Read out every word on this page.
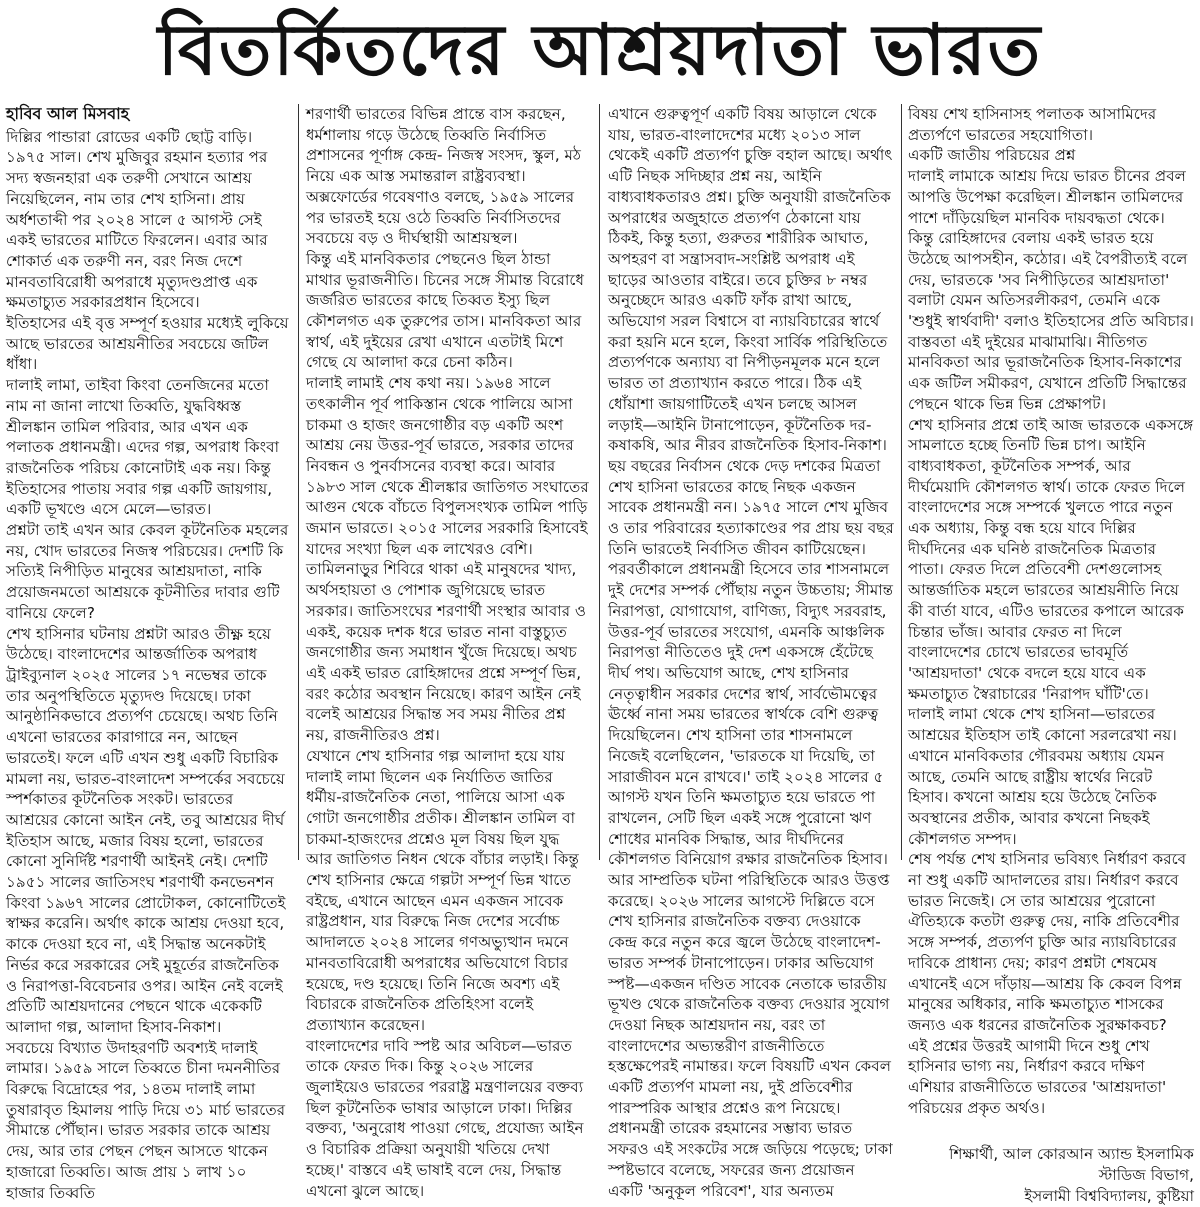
বিতর্কিতদের আশ্রয়দাতা ভারত
হাবিব আল মিসবাহ

দিল্লির পান্ডারা রোডের একটি ছোট্ট বাড়ি। ১৯৭৫ সাল। শেখ মুজিবুর রহমান হত্যার পর সদ্য স্বজনহারা এক তরুণী সেখানে আশ্রয় নিয়েছিলেন, নাম তার শেখ হাসিনা। প্রায় অর্ধশতাব্দী পর ২০২৪ সালে ৫ আগস্ট সেই একই ভারতের মাটিতে ফিরলেন। এবার আর শোকার্ত এক তরুণী নন, বরং নিজ দেশে মানবতাবিরোধী অপরাধে মৃত্যুদণ্ডপ্রাপ্ত এক ক্ষমতাচ্যুত সরকারপ্রধান হিসেবে।

ইতিহাসের এই বৃত্ত সম্পূর্ণ হওয়ার মধ্যেই লুকিয়ে আছে ভারতের আশ্রয়নীতির সবচেয়ে জটিল ধাঁধা।

দালাই লামা, তাইবা কিংবা তেনজিনের মতো নাম না জানা লাখো তিব্বতি, যুদ্ধবিধ্বস্ত শ্রীলঙ্কান তামিল পরিবার, আর এখন এক পলাতক প্রধানমন্ত্রী। এদের গল্প, অপরাধ কিংবা রাজনৈতিক পরিচয় কোনোটাই এক নয়। কিন্তু ইতিহাসের পাতায় সবার গল্প একটি জায়গায়, একটি ভূখণ্ডে এসে মেলে—ভারত।

প্রশ্নটা তাই এখন আর কেবল কূটনৈতিক মহলের নয়, খোদ ভারতের নিজস্ব পরিচয়ের। দেশটি কি সত্যিই নিপীড়িত মানুষের আশ্রয়দাতা, নাকি প্রয়োজনমতো আশ্রয়কে কূটনীতির দাবার গুটি বানিয়ে ফেলে?

শেখ হাসিনার ঘটনায় প্রশ্নটা আরও তীক্ষ্ণ হয়ে উঠেছে। বাংলাদেশের আন্তর্জাতিক অপরাধ ট্রাইব্যুনাল ২০২৫ সালের ১৭ নভেম্বর তাকে তার অনুপস্থিতিতে মৃত্যুদণ্ড দিয়েছে। ঢাকা আনুষ্ঠানিকভাবে প্রত্যর্পণ চেয়েছে। অথচ তিনি এখনো ভারতের কারাগারে নন, আছেন ভারতেই। ফলে এটি এখন শুধু একটি বিচারিক মামলা নয়, ভারত-বাংলাদেশ সম্পর্কের সবচেয়ে স্পর্শকাতর কূটনৈতিক সংকট। ভারতের আশ্রয়ের কোনো আইন নেই, তবু আশ্রয়ের দীর্ঘ ইতিহাস আছে, মজার বিষয় হলো, ভারতের কোনো সুনির্দিষ্ট শরণার্থী আইনই নেই। দেশটি ১৯৫১ সালের জাতিসংঘ শরণার্থী কনভেনশন কিংবা ১৯৬৭ সালের প্রোটোকল, কোনোটিতেই স্বাক্ষর করেনি। অর্থাৎ কাকে আশ্রয় দেওয়া হবে, কাকে দেওয়া হবে না, এই সিদ্ধান্ত অনেকটাই নির্ভর করে সরকারের সেই মুহূর্তের রাজনৈতিক ও নিরাপত্তা-বিবেচনার ওপর। আইন নেই বলেই প্রতিটি আশ্রয়দানের পেছনে থাকে একেকটি আলাদা গল্প, আলাদা হিসাব-নিকাশ।

সবচেয়ে বিখ্যাত উদাহরণটি অবশ্যই দালাই লামার। ১৯৫৯ সালে তিব্বতে চীনা দমননীতির বিরুদ্ধে বিদ্রোহের পর, ১৪তম দালাই লামা তুষারাবৃত হিমালয় পাড়ি দিয়ে ৩১ মার্চ ভারতের সীমান্তে পৌঁছান। ভারত সরকার তাকে আশ্রয় দেয়, আর তার পেছন পেছন আসতে থাকেন হাজারো তিব্বতি। আজ প্রায় ১ লাখ ১০ হাজার তিব্বতি

শরণার্থী ভারতের বিভিন্ন প্রান্তে বাস করছেন, ধর্মশালায় গড়ে উঠেছে তিব্বতি নির্বাসিত প্রশাসনের পূর্ণাঙ্গ কেন্দ্র- নিজস্ব সংসদ, স্কুল, মঠ নিয়ে এক আস্ত সমান্তরাল রাষ্ট্রব্যবস্থা। অক্সফোর্ডের গবেষণাও বলছে, ১৯৫৯ সালের পর ভারতই হয়ে ওঠে তিব্বতি নির্বাসিতদের সবচেয়ে বড় ও দীর্ঘস্থায়ী আশ্রয়স্থল।

কিন্তু এই মানবিকতার পেছনেও ছিল ঠান্ডা মাথার ভূরাজনীতি। চিনের সঙ্গে সীমান্ত বিরোধে জর্জরিত ভারতের কাছে তিব্বত ইস্যু ছিল কৌশলগত এক তুরুপের তাস। মানবিকতা আর স্বার্থ, এই দুইয়ের রেখা এখানে এতটাই মিশে গেছে যে আলাদা করে চেনা কঠিন।

দালাই লামাই শেষ কথা নয়। ১৯৬৪ সালে তৎকালীন পূর্ব পাকিস্তান থেকে পালিয়ে আসা চাকমা ও হাজং জনগোষ্ঠীর বড় একটি অংশ আশ্রয় নেয় উত্তর-পূর্ব ভারতে, সরকার তাদের নিবন্ধন ও পুনর্বাসনের ব্যবস্থা করে। আবার ১৯৮৩ সাল থেকে শ্রীলঙ্কার জাতিগত সংঘাতের আগুন থেকে বাঁচতে বিপুলসংখ্যক তামিল পাড়ি জমান ভারতে। ২০১৫ সালের সরকারি হিসাবেই যাদের সংখ্যা ছিল এক লাখেরও বেশি। তামিলনাড়ুর শিবিরে থাকা এই মানুষদের খাদ্য, অর্থসহায়তা ও পোশাক জুগিয়েছে ভারত সরকার। জাতিসংঘের শরণার্থী সংস্থার আবার ও একই, কয়েক দশক ধরে ভারত নানা বাস্তুচ্যুত জনগোষ্ঠীর জন্য সমাধান খুঁজে দিয়েছে। অথচ এই একই ভারত রোহিঙ্গাদের প্রশ্নে সম্পূর্ণ ভিন্ন, বরং কঠোর অবস্থান নিয়েছে। কারণ আইন নেই বলেই আশ্রয়ের সিদ্ধান্ত সব সময় নীতির প্রশ্ন নয়, রাজনীতিরও প্রশ্ন।

যেখানে শেখ হাসিনার গল্প আলাদা হয়ে যায় দালাই লামা ছিলেন এক নির্যাতিত জাতির ধর্মীয়-রাজনৈতিক নেতা, পালিয়ে আসা এক গোটা জনগোষ্ঠীর প্রতীক। শ্রীলঙ্কান তামিল বা চাকমা-হাজংদের প্রশ্নেও মূল বিষয় ছিল যুদ্ধ আর জাতিগত নিধন থেকে বাঁচার লড়াই। কিন্তু শেখ হাসিনার ক্ষেত্রে গল্পটা সম্পূর্ণ ভিন্ন খাতে বইছে, এখানে আছেন এমন একজন সাবেক রাষ্ট্রপ্রধান, যার বিরুদ্ধে নিজ দেশের সর্বোচ্চ আদালতে ২০২৪ সালের গণঅভ্যুত্থান দমনে মানবতাবিরোধী অপরাধের অভিযোগে বিচার হয়েছে, দণ্ড হয়েছে। তিনি নিজে অবশ্য এই বিচারকে রাজনৈতিক প্রতিহিংসা বলেই প্রত্যাখ্যান করেছেন।

বাংলাদেশের দাবি স্পষ্ট আর অবিচল—ভারত তাকে ফেরত দিক। কিন্তু ২০২৬ সালের জুলাইয়েও ভারতের পররাষ্ট্র মন্ত্রণালয়ের বক্তব্য ছিল কূটনৈতিক ভাষার আড়ালে ঢাকা। দিল্লির বক্তব্য, 'অনুরোধ পাওয়া গেছে, প্রযোজ্য আইন ও বিচারিক প্রক্রিয়া অনুযায়ী খতিয়ে দেখা হচ্ছে।' বাস্তবে এই ভাষাই বলে দেয়, সিদ্ধান্ত এখনো ঝুলে আছে।

এখানে গুরুত্বপূর্ণ একটি বিষয় আড়ালে থেকে যায়, ভারত-বাংলাদেশের মধ্যে ২০১৩ সাল থেকেই একটি প্রত্যর্পণ চুক্তি বহাল আছে। অর্থাৎ এটি নিছক সদিচ্ছার প্রশ্ন নয়, আইনি বাধ্যবাধকতারও প্রশ্ন। চুক্তি অনুযায়ী রাজনৈতিক অপরাধের অজুহাতে প্রত্যর্পণ ঠেকানো যায় ঠিকই, কিন্তু হত্যা, গুরুতর শারীরিক আঘাত, অপহরণ বা সন্ত্রাসবাদ-সংশ্লিষ্ট অপরাধ এই ছাড়ের আওতার বাইরে। তবে চুক্তির ৮ নম্বর অনুচ্ছেদে আরও একটি ফাঁক রাখা আছে, অভিযোগ সরল বিশ্বাসে বা ন্যায়বিচারের স্বার্থে করা হয়নি মনে হলে, কিংবা সার্বিক পরিস্থিতিতে প্রত্যর্পণকে অন্যায্য বা নিপীড়নমূলক মনে হলে ভারত তা প্রত্যাখ্যান করতে পারে। ঠিক এই ধোঁয়াশা জায়গাটিতেই এখন চলছে আসল লড়াই—আইনি টানাপোড়েন, কূটনৈতিক দর-কষাকষি, আর নীরব রাজনৈতিক হিসাব-নিকাশ।

ছয় বছরের নির্বাসন থেকে দেড় দশকের মিত্রতা শেখ হাসিনা ভারতের কাছে নিছক একজন সাবেক প্রধানমন্ত্রী নন। ১৯৭৫ সালে শেখ মুজিব ও তার পরিবারের হত্যাকাণ্ডের পর প্রায় ছয় বছর তিনি ভারতেই নির্বাসিত জীবন কাটিয়েছেন। পরবর্তীকালে প্রধানমন্ত্রী হিসেবে তার শাসনামলে দুই দেশের সম্পর্ক পৌঁছায় নতুন উচ্চতায়; সীমান্ত নিরাপত্তা, যোগাযোগ, বাণিজ্য, বিদ্যুৎ সরবরাহ, উত্তর-পূর্ব ভারতের সংযোগ, এমনকি আঞ্চলিক নিরাপত্তা নীতিতেও দুই দেশ একসঙ্গে হেঁটেছে দীর্ঘ পথ। অভিযোগ আছে, শেখ হাসিনার নেতৃত্বাধীন সরকার দেশের স্বার্থ, সার্বভৌমত্বের ঊর্ধ্বে নানা সময় ভারতের স্বার্থকে বেশি গুরুত্ব দিয়েছিলেন। শেখ হাসিনা তার শাসনামলে নিজেই বলেছিলেন, 'ভারতকে যা দিয়েছি, তা সারাজীবন মনে রাখবে।' তাই ২০২৪ সালের ৫ আগস্ট যখন তিনি ক্ষমতাচ্যুত হয়ে ভারতে পা রাখলেন, সেটি ছিল একই সঙ্গে পুরোনো ঋণ শোধের মানবিক সিদ্ধান্ত, আর দীর্ঘদিনের কৌশলগত বিনিয়োগ রক্ষার রাজনৈতিক হিসাব।

আর সাম্প্রতিক ঘটনা পরিস্থিতিকে আরও উত্তপ্ত করেছে। ২০২৬ সালের আগস্টে দিল্লিতে বসে শেখ হাসিনার রাজনৈতিক বক্তব্য দেওয়াকে কেন্দ্র করে নতুন করে জ্বলে উঠেছে বাংলাদেশ-ভারত সম্পর্ক টানাপোড়েন। ঢাকার অভিযোগ স্পষ্ট—একজন দণ্ডিত সাবেক নেতাকে ভারতীয় ভূখণ্ড থেকে রাজনৈতিক বক্তব্য দেওয়ার সুযোগ দেওয়া নিছক আশ্রয়দান নয়, বরং তা বাংলাদেশের অভ্যন্তরীণ রাজনীতিতে হস্তক্ষেপেরই নামান্তর। ফলে বিষয়টি এখন কেবল একটি প্রত্যর্পণ মামলা নয়, দুই প্রতিবেশীর পারস্পরিক আস্থার প্রশ্নেও রূপ নিয়েছে। প্রধানমন্ত্রী তারেক রহমানের সম্ভাব্য ভারত সফরও এই সংকটের সঙ্গে জড়িয়ে পড়েছে; ঢাকা স্পষ্টভাবে বলেছে, সফরের জন্য প্রয়োজন একটি 'অনুকূল পরিবেশ', যার অন্যতম

বিষয় শেখ হাসিনাসহ পলাতক আসামিদের প্রত্যর্পণে ভারতের সহযোগিতা।

একটি জাতীয় পরিচয়ের প্রশ্ন

দালাই লামাকে আশ্রয় দিয়ে ভারত চীনের প্রবল আপত্তি উপেক্ষা করেছিল। শ্রীলঙ্কান তামিলদের পাশে দাঁড়িয়েছিল মানবিক দায়বদ্ধতা থেকে। কিন্তু রোহিঙ্গাদের বেলায় একই ভারত হয়ে উঠেছে আপসহীন, কঠোর। এই বৈপরীত্যই বলে দেয়, ভারতকে 'সব নিপীড়িতের আশ্রয়দাতা' বলাটা যেমন অতিসরলীকরণ, তেমনি একে 'শুধুই স্বার্থবাদী' বলাও ইতিহাসের প্রতি অবিচার। বাস্তবতা এই দুইয়ের মাঝামাঝি। নীতিগত মানবিকতা আর ভূরাজনৈতিক হিসাব-নিকাশের এক জটিল সমীকরণ, যেখানে প্রতিটি সিদ্ধান্তের পেছনে থাকে ভিন্ন ভিন্ন প্রেক্ষাপট।

শেখ হাসিনার প্রশ্নে তাই আজ ভারতকে একসঙ্গে সামলাতে হচ্ছে তিনটি ভিন্ন চাপ। আইনি বাধ্যবাধকতা, কূটনৈতিক সম্পর্ক, আর দীর্ঘমেয়াদি কৌশলগত স্বার্থ। তাকে ফেরত দিলে বাংলাদেশের সঙ্গে সম্পর্কে খুলতে পারে নতুন এক অধ্যায়, কিন্তু বন্ধ হয়ে যাবে দিল্লির দীর্ঘদিনের এক ঘনিষ্ঠ রাজনৈতিক মিত্রতার পাতা। ফেরত দিলে প্রতিবেশী দেশগুলোসহ আন্তর্জাতিক মহলে ভারতের আশ্রয়নীতি নিয়ে কী বার্তা যাবে, এটিও ভারতের কপালে আরেক চিন্তার ভাঁজ। আবার ফেরত না দিলে বাংলাদেশের চোখে ভারতের ভাবমূর্তি 'আশ্রয়দাতা' থেকে বদলে হয়ে যাবে এক ক্ষমতাচ্যুত স্বৈরাচারের 'নিরাপদ ঘাঁটি'তে।

দালাই লামা থেকে শেখ হাসিনা—ভারতের আশ্রয়ের ইতিহাস তাই কোনো সরলরেখা নয়। এখানে মানবিকতার গৌরবময় অধ্যায় যেমন আছে, তেমনি আছে রাষ্ট্রীয় স্বার্থের নিরেট হিসাব। কখনো আশ্রয় হয়ে উঠেছে নৈতিক অবস্থানের প্রতীক, আবার কখনো নিছকই কৌশলগত সম্পদ।

শেষ পর্যন্ত শেখ হাসিনার ভবিষ্যৎ নির্ধারণ করবে না শুধু একটি আদালতের রায়। নির্ধারণ করবে ভারত নিজেই। সে তার আশ্রয়ের পুরোনো ঐতিহ্যকে কতটা গুরুত্ব দেয়, নাকি প্রতিবেশীর সঙ্গে সম্পর্ক, প্রত্যর্পণ চুক্তি আর ন্যায়বিচারের দাবিকে প্রাধান্য দেয়; কারণ প্রশ্নটা শেষমেষ এখানেই এসে দাঁড়ায়—আশ্রয় কি কেবল বিপন্ন মানুষের অধিকার, নাকি ক্ষমতাচ্যুত শাসকের জন্যও এক ধরনের রাজনৈতিক সুরক্ষাকবচ?

এই প্রশ্নের উত্তরই আগামী দিনে শুধু শেখ হাসিনার ভাগ্য নয়, নির্ধারণ করবে দক্ষিণ এশিয়ার রাজনীতিতে ভারতের 'আশ্রয়দাতা' পরিচয়ের প্রকৃত অর্থও।

শিক্ষার্থী, আল কোরআন অ্যান্ড ইসলামিক স্টাডিজ বিভাগ,
ইসলামী বিশ্ববিদ্যালয়, কুষ্টিয়া
